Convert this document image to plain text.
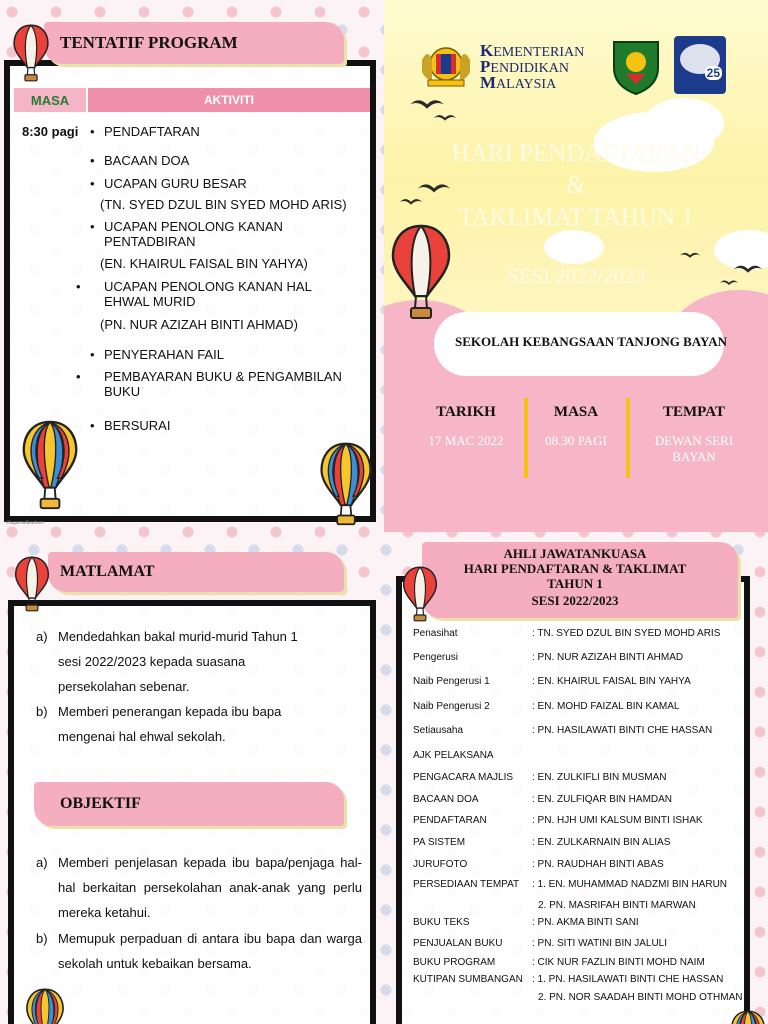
TENTATIF PROGRAM
MASA	AKTIVITI
8:30 pagi • PENDAFTARAN
• BACAAN DOA
• UCAPAN GURU BESAR
(TN. SYED DZUL BIN SYED MOHD ARIS)
• UCAPAN PENOLONG KANAN PENTADBIRAN
(EN. KHAIRUL FAISAL BIN YAHYA)
• UCAPAN PENOLONG KANAN HAL EHWAL MURID
(PN. NUR AZIZAH BINTI AHMAD)
• PENYERAHAN FAIL
• PEMBAYARAN BUKU & PENGAMBILAN BUKU
• BERSURAI
#fagamafikadsen
KEMENTERIAN
PENDIDIKAN
MALAYSIA
25
HARI PENDAFTARAN
&
TAKLIMAT TAHUN 1
SESI 2022/2023
SEKOLAH KEBANGSAAN TANJONG BAYAN
TARIKH
17 MAC 2022
MASA
08.30 PAGI
TEMPAT
DEWAN SERI BAYAN
MATLAMAT
a) Mendedahkan bakal murid-murid Tahun 1 sesi 2022/2023 kepada suasana persekolahan sebenar.
b) Memberi penerangan kepada ibu bapa mengenai hal ehwal sekolah.
OBJEKTIF
a) Memberi penjelasan kepada ibu bapa/penjaga hal-hal berkaitan persekolahan anak-anak yang perlu mereka ketahui.
b) Memupuk perpaduan di antara ibu bapa dan warga sekolah untuk kebaikan bersama.
AHLI JAWATANKUASA
HARI PENDAFTARAN & TAKLIMAT TAHUN 1
SESI 2022/2023
Penasihat	: TN. SYED DZUL BIN SYED MOHD ARIS
Pengerusi	: PN. NUR AZIZAH BINTI AHMAD
Naib Pengerusi 1	: EN. KHAIRUL FAISAL BIN YAHYA
Naib Pengerusi 2	: EN. MOHD FAIZAL BIN KAMAL
Setiausaha	: PN. HASILAWATI BINTI CHE HASSAN
AJK PELAKSANA
PENGACARA MAJLIS	: EN. ZULKIFLI BIN MUSMAN
BACAAN DOA	: EN. ZULFIQAR BIN HAMDAN
PENDAFTARAN	: PN. HJH UMI KALSUM BINTI ISHAK
PA SISTEM	: EN. ZULKARNAIN BIN ALIAS
JURUFOTO	: PN. RAUDHAH BINTI ABAS
PERSEDIAAN TEMPAT	: 1. EN. MUHAMMAD NADZMI BIN HARUN
2. PN. MASRIFAH BINTI MARWAN
BUKU TEKS	: PN. AKMA BINTI SANI
PENJUALAN BUKU	: PN. SITI WATINI BIN JALULI
BUKU PROGRAM	: CIK NUR FAZLIN BINTI MOHD NAIM
KUTIPAN SUMBANGAN : 1. PN. HASILAWATI BINTI CHE HASSAN
2. PN. NOR SAADAH BINTI MOHD OTHMAN
